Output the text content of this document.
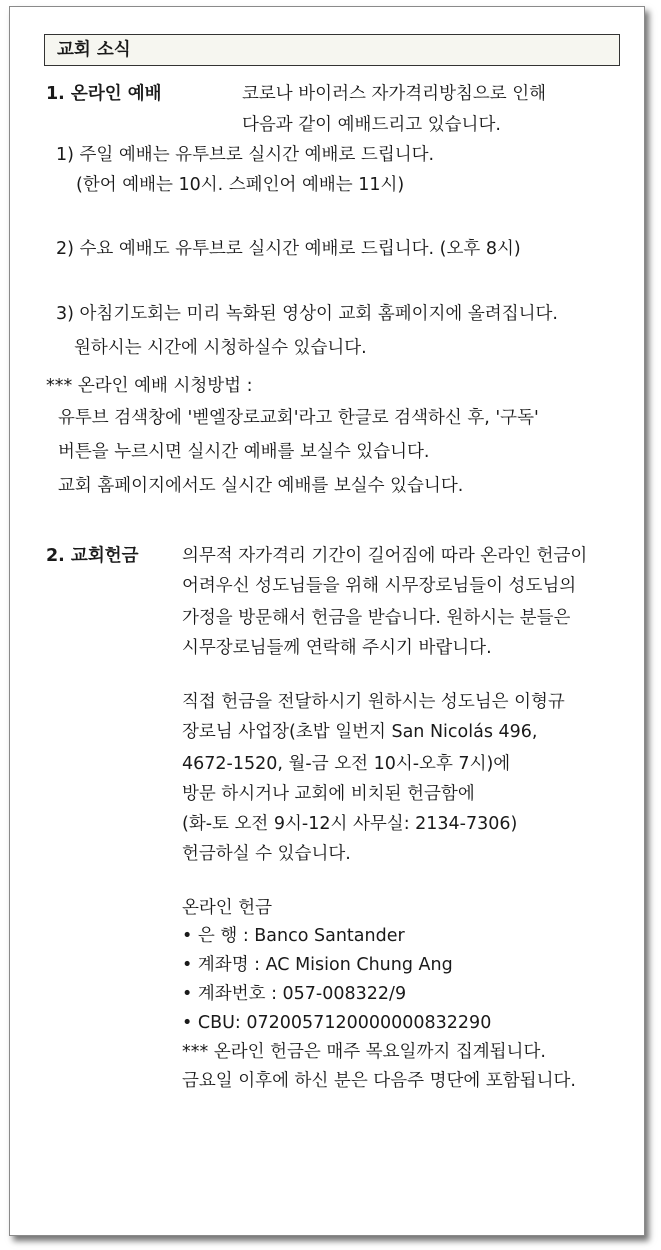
교회 소식
1. 온라인 예배	코로나 바이러스 자가격리방침으로 인해
다음과 같이 예배드리고 있습니다.
1) 주일 예배는 유투브로 실시간 예배로 드립니다.
(한어 예배는 10시. 스페인어 예배는 11시)
2) 수요 예배도 유투브로 실시간 예배로 드립니다. (오후 8시)
3) 아침기도회는 미리 녹화된 영상이 교회 홈페이지에 올려집니다.
원하시는 시간에 시청하실수 있습니다.
*** 온라인 예배 시청방법 :
유투브 검색창에 '벧엘장로교회'라고 한글로 검색하신 후, '구독'
버튼을 누르시면 실시간 예배를 보실수 있습니다.
교회 홈페이지에서도 실시간 예배를 보실수 있습니다.
2. 교회헌금 의무적 자가격리 기간이 길어짐에 따라 온라인 헌금이
어려우신 성도님들을 위해 시무장로님들이 성도님의
가정을 방문해서 헌금을 받습니다. 원하시는 분들은
시무장로님들께 연락해 주시기 바랍니다.
직접 헌금을 전달하시기 원하시는 성도님은 이형규
장로님 사업장(초밥 일번지 San Nicolás 496,
4672-1520, 월-금 오전 10시-오후 7시)에
방문 하시거나 교회에 비치된 헌금함에
(화-토 오전 9시-12시 사무실: 2134-7306)
헌금하실 수 있습니다.
온라인 헌금
• 은 행 : Banco Santander
• 계좌명 : AC Mision Chung Ang
• 계좌번호 : 057-008322/9
• CBU: 0720057120000000832290
*** 온라인 헌금은 매주 목요일까지 집계됩니다.
금요일 이후에 하신 분은 다음주 명단에 포함됩니다.
